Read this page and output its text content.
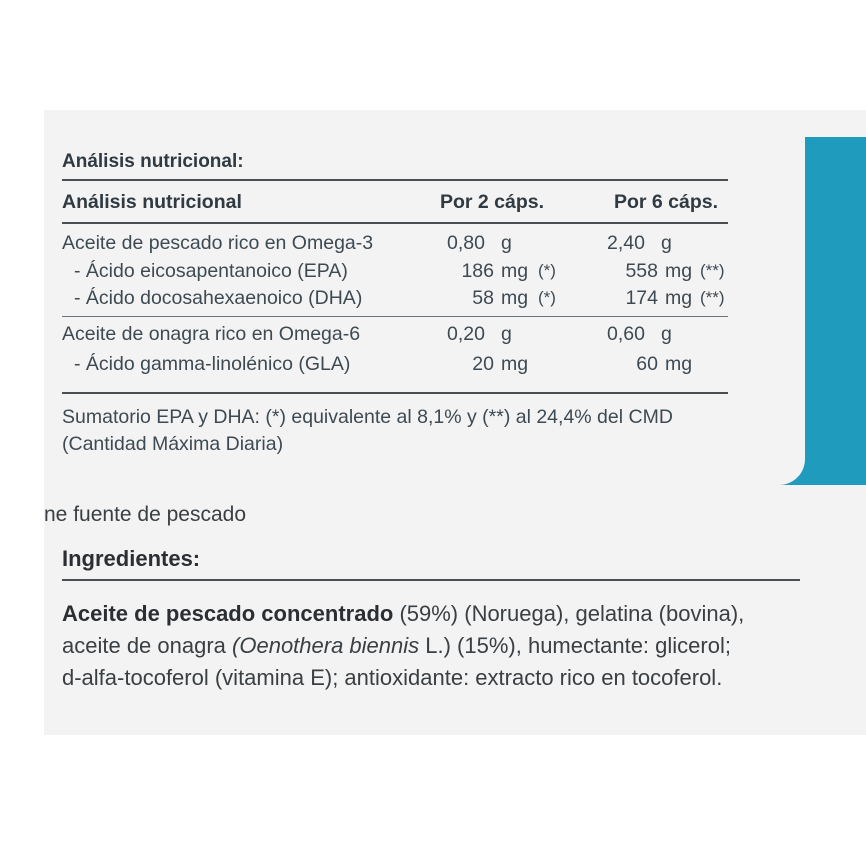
Análisis nutricional:
Análisis nutricional	Por 2 cáps.	Por 6 cáps.
Aceite de pescado rico en Omega-3	0,80 g	2,40 g
- Ácido eicosapentanoico (EPA)	186 mg (*)	558 mg (**)
- Ácido docosahexaenoico (DHA)	58 mg (*)	174 mg (**)
Aceite de onagra rico en Omega-6	0,20 g	0,60 g
- Ácido gamma-linolénico (GLA)	20 mg	60 mg
Sumatorio EPA y DHA: (*) equivalente al 8,1% y (**) al 24,4% del CMD
(Cantidad Máxima Diaria)
ne fuente de pescado
Ingredientes:
Aceite de pescado concentrado (59%) (Noruega), gelatina (bovina), aceite de onagra (Oenothera biennis L.) (15%), humectante: glicerol; d-alfa-tocoferol (vitamina E); antioxidante: extracto rico en tocoferol.
